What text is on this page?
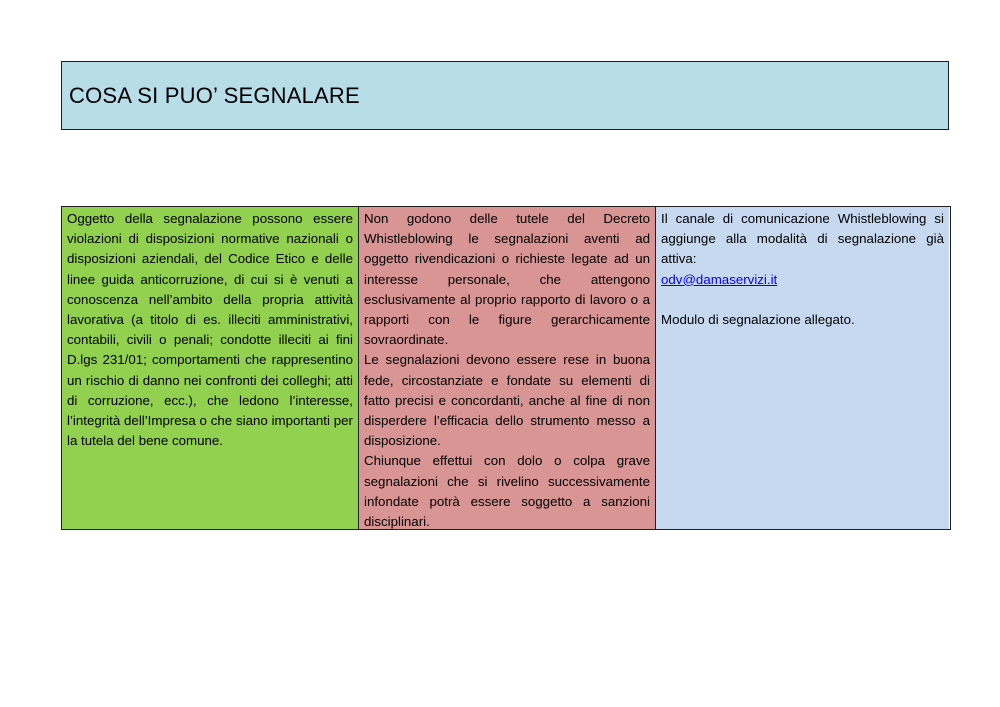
COSA SI PUO’ SEGNALARE

Oggetto della segnalazione possono essere violazioni di disposizioni normative nazionali o disposizioni aziendali, del Codice Etico e delle linee guida anticorruzione, di cui si è venuti a conoscenza nell’ambito della propria attività lavorativa (a titolo di es. illeciti amministrativi, contabili, civili o penali; condotte illeciti ai fini D.lgs 231/01; comportamenti che rappresentino un rischio di danno nei confronti dei colleghi; atti di corruzione, ecc.), che ledono l’interesse, l’integrità dell’Impresa o che siano importanti per la tutela del bene comune.

Non godono delle tutele del Decreto Whistleblowing le segnalazioni aventi ad oggetto rivendicazioni o richieste legate ad un interesse personale, che attengono esclusivamente al proprio rapporto di lavoro o a rapporti con le figure gerarchicamente sovraordinate.

Le segnalazioni devono essere rese in buona fede, circostanziate e fondate su elementi di fatto precisi e concordanti, anche al fine di non disperdere l’efficacia dello strumento messo a disposizione.

Chiunque effettui con dolo o colpa grave segnalazioni che si rivelino successivamente infondate potrà essere soggetto a sanzioni disciplinari.

Il canale di comunicazione Whistleblowing si aggiunge alla modalità di segnalazione già attiva:

odv@damaservizi.it

Modulo di segnalazione allegato.
